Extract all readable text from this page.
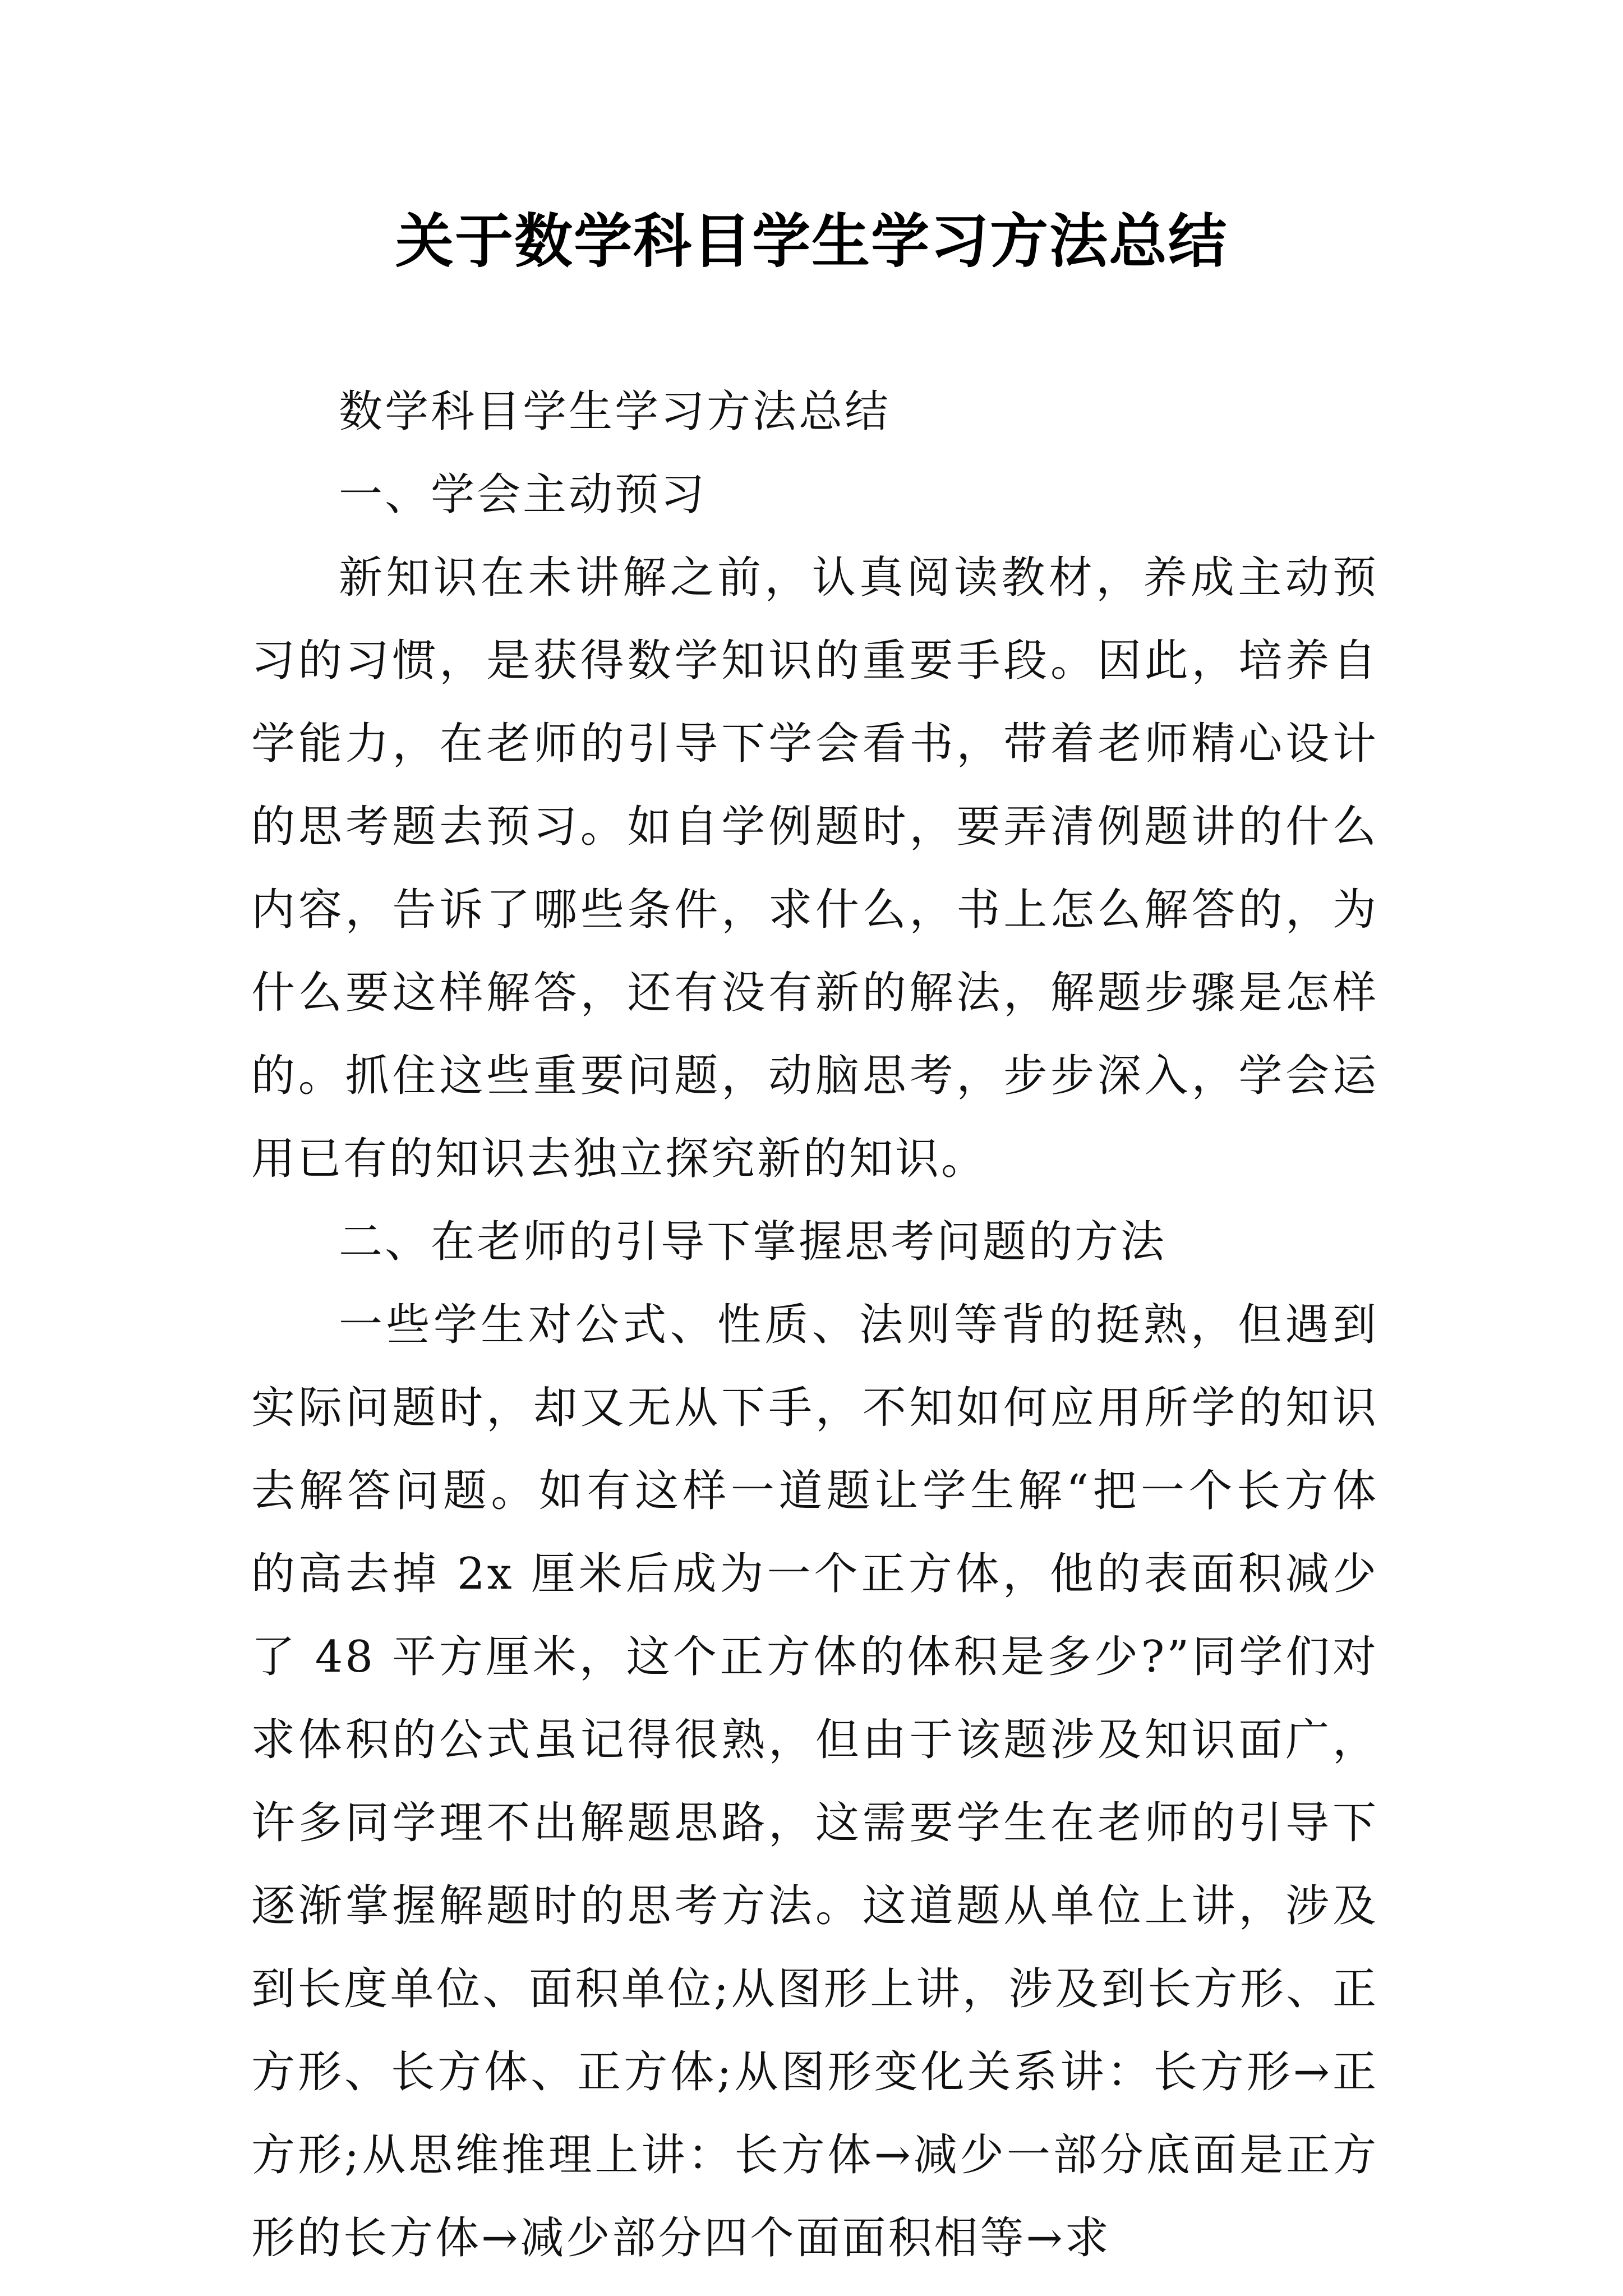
关于数学科目学生学习方法总结

数学科目学生学习方法总结

一、学会主动预习

新知识在未讲解之前，认真阅读教材，养成主动预习的习惯，是获得数学知识的重要手段。因此，培养自学能力，在老师的引导下学会看书，带着老师精心设计的思考题去预习。如自学例题时，要弄清例题讲的什么内容，告诉了哪些条件，求什么，书上怎么解答的，为什么要这样解答，还有没有新的解法，解题步骤是怎样的。抓住这些重要问题，动脑思考，步步深入，学会运用已有的知识去独立探究新的知识。

二、在老师的引导下掌握思考问题的方法

一些学生对公式、性质、法则等背的挺熟，但遇到实际问题时，却又无从下手，不知如何应用所学的知识去解答问题。如有这样一道题让学生解“把一个长方体的高去掉 2x 厘米后成为一个正方体，他的表面积减少了 48 平方厘米，这个正方体的体积是多少?”同学们对求体积的公式虽记得很熟，但由于该题涉及知识面广，许多同学理不出解题思路，这需要学生在老师的引导下逐渐掌握解题时的思考方法。这道题从单位上讲，涉及到长度单位、面积单位;从图形上讲，涉及到长方形、正方形、长方体、正方体;从图形变化关系讲：长方形→正方形;从思维推理上讲：长方体→减少一部分底面是正方形的长方体→减少部分四个面面积相等→求
